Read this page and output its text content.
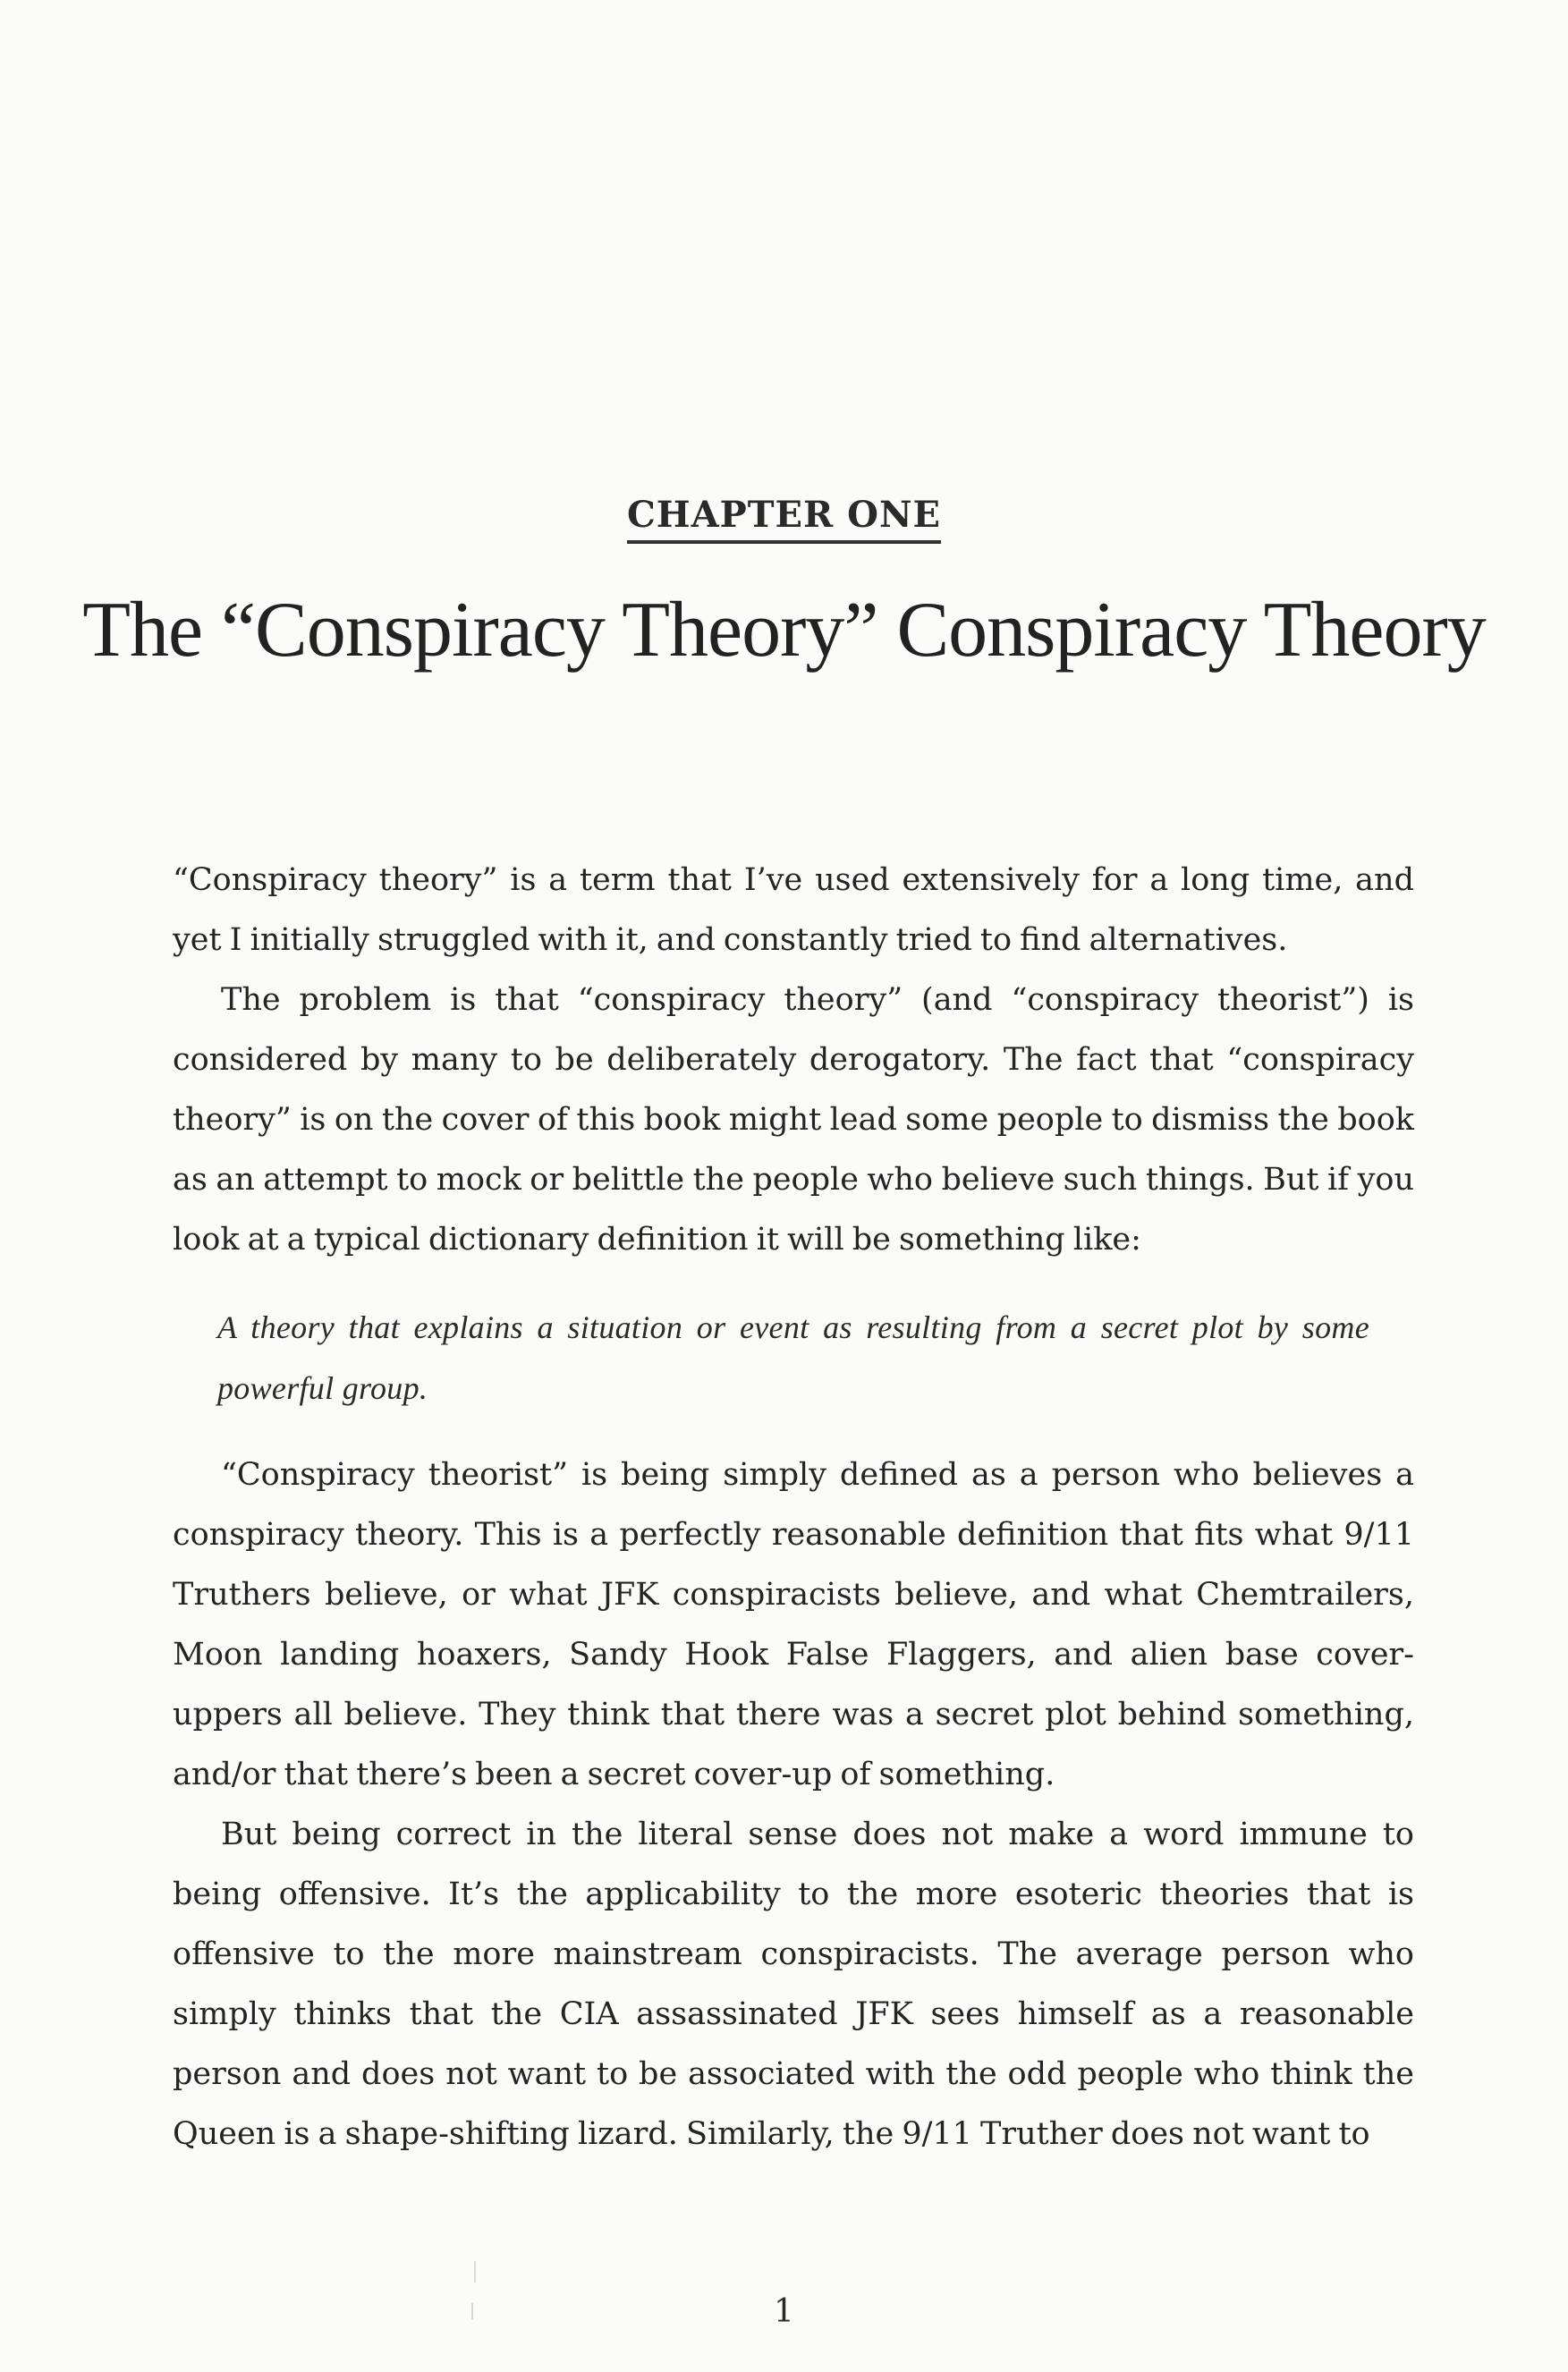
CHAPTER ONE
The “Conspiracy Theory” Conspiracy Theory

“Conspiracy theory” is a term that I’ve used extensively for a long time, and yet I initially struggled with it, and constantly tried to find alternatives.

The problem is that “conspiracy theory” (and “conspiracy theorist”) is considered by many to be deliberately derogatory. The fact that “conspiracy theory” is on the cover of this book might lead some people to dismiss the book as an attempt to mock or belittle the people who believe such things. But if you look at a typical dictionary definition it will be something like:

A theory that explains a situation or event as resulting from a secret plot by some powerful group.

“Conspiracy theorist” is being simply defined as a person who believes a conspiracy theory. This is a perfectly reasonable definition that fits what 9/11 Truthers believe, or what JFK conspiracists believe, and what Chemtrailers, Moon landing hoaxers, Sandy Hook False Flaggers, and alien base cover-uppers all believe. They think that there was a secret plot behind something, and/or that there’s been a secret cover-up of something.

But being correct in the literal sense does not make a word immune to being offensive. It’s the applicability to the more esoteric theories that is offensive to the more mainstream conspiracists. The average person who simply thinks that the CIA assassinated JFK sees himself as a reasonable person and does not want to be associated with the odd people who think the Queen is a shape-shifting lizard. Similarly, the 9/11 Truther does not want to

1
